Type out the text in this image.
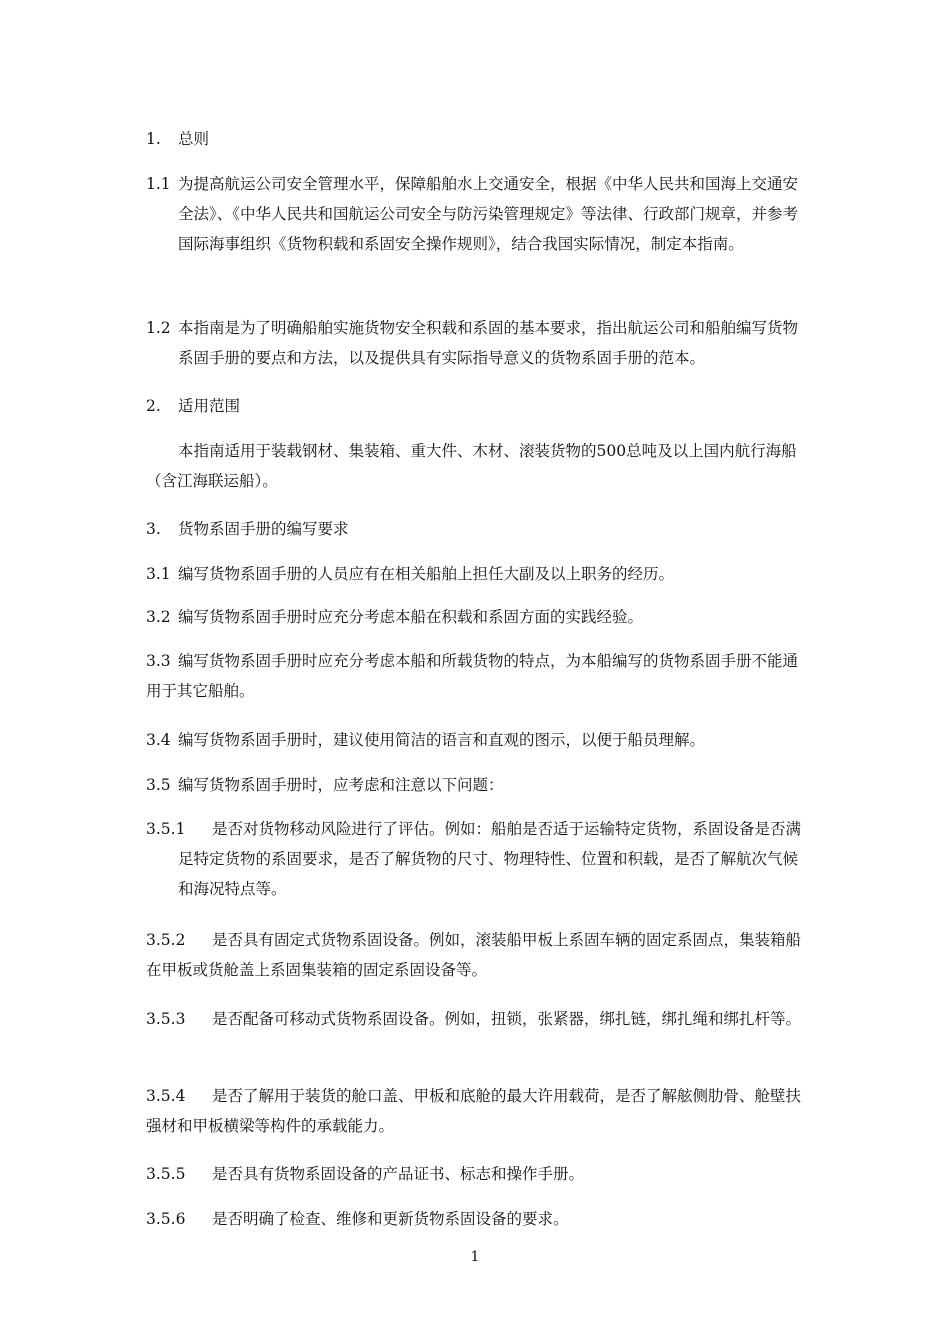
1. 总则
1.1 为提高航运公司安全管理水平，保障船舶水上交通安全，根据《中华人民共和国海上交通安全法》、《中华人民共和国航运公司安全与防污染管理规定》等法律、行政部门规章，并参考国际海事组织《货物积载和系固安全操作规则》，结合我国实际情况，制定本指南。
1.2 本指南是为了明确船舶实施货物安全积载和系固的基本要求，指出航运公司和船舶编写货物系固手册的要点和方法，以及提供具有实际指导意义的货物系固手册的范本。
2. 适用范围
本指南适用于装载钢材、集装箱、重大件、木材、滚装货物的500总吨及以上国内航行海船（含江海联运船）。
3. 货物系固手册的编写要求
3.1 编写货物系固手册的人员应有在相关船舶上担任大副及以上职务的经历。
3.2 编写货物系固手册时应充分考虑本船在积载和系固方面的实践经验。
3.3 编写货物系固手册时应充分考虑本船和所载货物的特点，为本船编写的货物系固手册不能通用于其它船舶。
3.4 编写货物系固手册时，建议使用简洁的语言和直观的图示，以便于船员理解。
3.5 编写货物系固手册时，应考虑和注意以下问题：
3.5.1	是否对货物移动风险进行了评估。例如：船舶是否适于运输特定货物，系固设备是否满足特定货物的系固要求，是否了解货物的尺寸、物理特性、位置和积载，是否了解航次气候和海况特点等。
3.5.2 是否具有固定式货物系固设备。例如，滚装船甲板上系固车辆的固定系固点，集装箱船在甲板或货舱盖上系固集装箱的固定系固设备等。
3.5.3 是否配备可移动式货物系固设备。例如，扭锁，张紧器，绑扎链，绑扎绳和绑扎杆等。
3.5.4 是否了解用于装货的舱口盖、甲板和底舱的最大许用载荷，是否了解舷侧肋骨、舱壁扶强材和甲板横梁等构件的承载能力。
3.5.5 是否具有货物系固设备的产品证书、标志和操作手册。
3.5.6 是否明确了检查、维修和更新货物系固设备的要求。
1
